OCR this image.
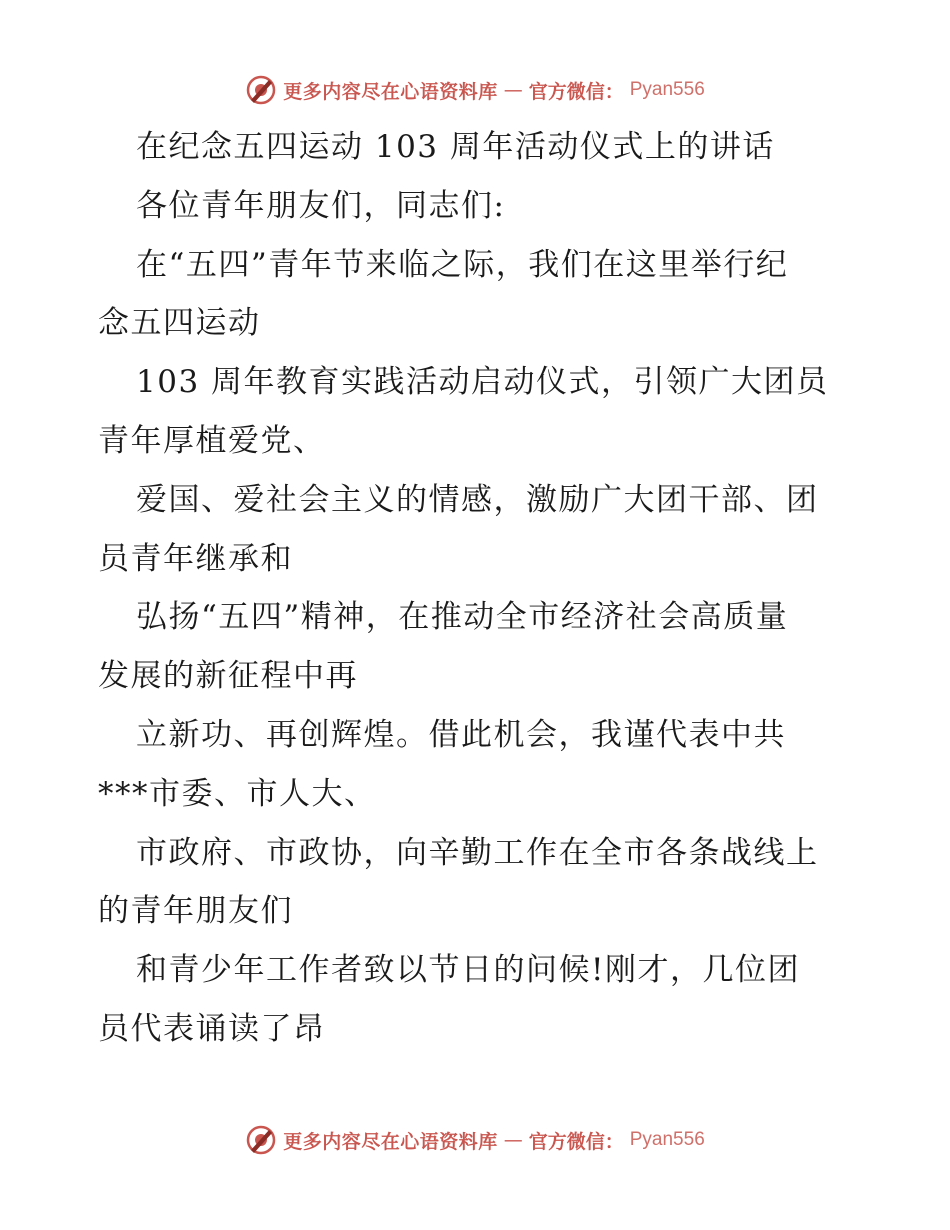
更多内容尽在心语资料库 — 官方微信： Pyan556
在纪念五四运动 103 周年活动仪式上的讲话
各位青年朋友们，同志们:
在“五四”青年节来临之际，我们在这里举行纪
念五四运动
103 周年教育实践活动启动仪式，引领广大团员
青年厚植爱党、
爱国、爱社会主义的情感，激励广大团干部、团
员青年继承和
弘扬“五四”精神，在推动全市经济社会高质量
发展的新征程中再
立新功、再创辉煌。借此机会，我谨代表中共
***市委、市人大、
市政府、市政协，向辛勤工作在全市各条战线上
的青年朋友们
和青少年工作者致以节日的问候!刚才，几位团
员代表诵读了昂
更多内容尽在心语资料库 — 官方微信： Pyan556
